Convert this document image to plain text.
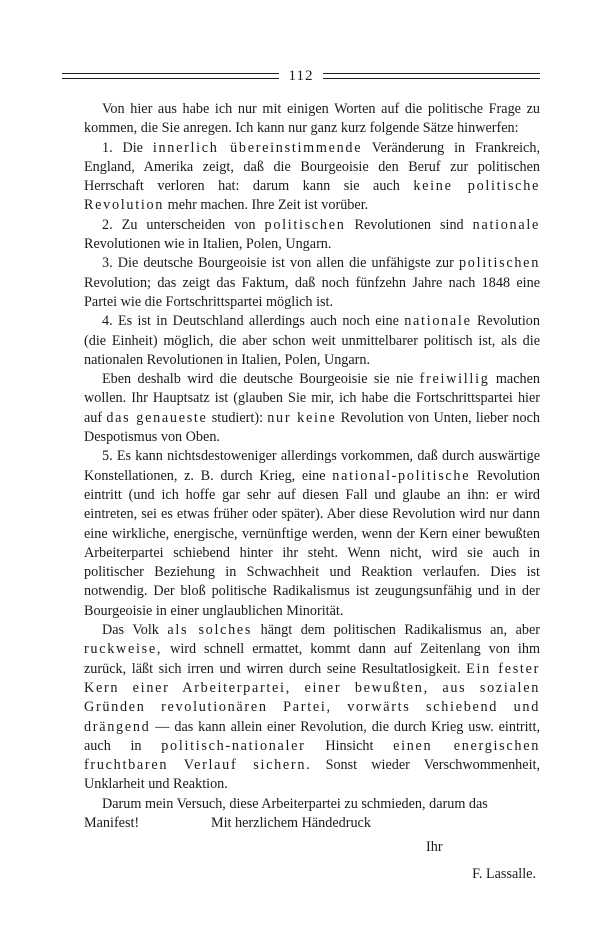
112

Von hier aus habe ich nur mit einigen Worten auf die politische Frage zu kommen, die Sie anregen. Ich kann nur ganz kurz folgende Sätze hinwerfen:

1. Die innerlich übereinstimmende Veränderung in Frankreich, England, Amerika zeigt, daß die Bourgeoisie den Beruf zur politischen Herrschaft verloren hat: darum kann sie auch keine politische Revolution mehr machen. Ihre Zeit ist vorüber.

2. Zu unterscheiden von politischen Revolutionen sind nationale Revolutionen wie in Italien, Polen, Ungarn.

3. Die deutsche Bourgeoisie ist von allen die unfähigste zur politischen Revolution; das zeigt das Faktum, daß noch fünfzehn Jahre nach 1848 eine Partei wie die Fortschrittspartei möglich ist.

4. Es ist in Deutschland allerdings auch noch eine nationale Revolution (die Einheit) möglich, die aber schon weit unmittelbarer politisch ist, als die nationalen Revolutionen in Italien, Polen, Ungarn.

Eben deshalb wird die deutsche Bourgeoisie sie nie freiwillig machen wollen. Ihr Hauptsatz ist (glauben Sie mir, ich habe die Fortschrittspartei hier auf das genaueste studiert): nur keine Revolution von Unten, lieber noch Despotismus von Oben.

5. Es kann nichtsdestoweniger allerdings vorkommen, daß durch auswärtige Konstellationen, z. B. durch Krieg, eine national-politische Revolution eintritt (und ich hoffe gar sehr auf diesen Fall und glaube an ihn: er wird eintreten, sei es etwas früher oder später). Aber diese Revolution wird nur dann eine wirkliche, energische, vernünftige werden, wenn der Kern einer bewußten Arbeiterpartei schiebend hinter ihr steht. Wenn nicht, wird sie auch in politischer Beziehung in Schwachheit und Reaktion verlaufen. Dies ist notwendig. Der bloß politische Radikalismus ist zeugungsunfähig und in der Bourgeoisie in einer unglaublichen Minorität.

Das Volk als solches hängt dem politischen Radikalismus an, aber ruckweise, wird schnell ermattet, kommt dann auf Zeitenlang von ihm zurück, läßt sich irren und wirren durch seine Resultatlosigkeit. Ein fester Kern einer Arbeiterpartei, einer bewußten, aus sozialen Gründen revolutionären Partei, vorwärts schiebend und drängend — das kann allein einer Revolution, die durch Krieg usw. eintritt, auch in politisch-nationaler Hinsicht einen energischen fruchtbaren Verlauf sichern. Sonst wieder Verschwommenheit, Unklarheit und Reaktion.

Darum mein Versuch, diese Arbeiterpartei zu schmieden, darum das

Manifest!	Mit herzlichem Händedruck
Ihr
F. Lassalle.
